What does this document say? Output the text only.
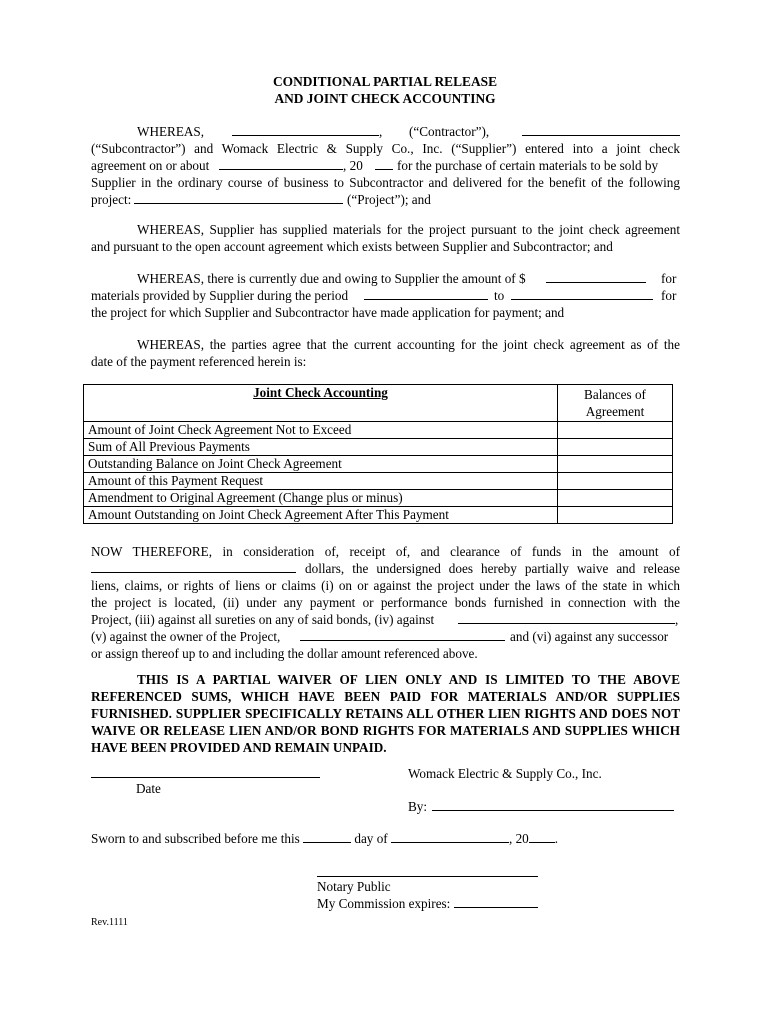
CONDITIONAL PARTIAL RELEASE
AND JOINT CHECK ACCOUNTING
WHEREAS,	, (“Contractor”),
(“Subcontractor”) and Womack Electric & Supply Co., Inc. (“Supplier”) entered into a joint check
agreement on or about	, 20	for the purchase of certain materials to be sold by
Supplier in the ordinary course of business to Subcontractor and delivered for the benefit of the following
project:	(“Project”); and
WHEREAS, Supplier has supplied materials for the project pursuant to the joint check agreement
and pursuant to the open account agreement which exists between Supplier and Subcontractor; and
WHEREAS, there is currently due and owing to Supplier the amount of $	for
materials provided by Supplier during the period	to	for
the project for which Supplier and Subcontractor have made application for payment; and
WHEREAS, the parties agree that the current accounting for the joint check agreement as of the
date of the payment referenced herein is:
Joint Check Accounting	Balances of
Agreement

Amount of Joint Check Agreement Not to Exceed	
Sum of All Previous Payments	
Outstanding Balance on Joint Check Agreement	
Amount of this Payment Request	
Amendment to Original Agreement (Change plus or minus)	
Amount Outstanding on Joint Check Agreement After This Payment	
NOW THEREFORE, in consideration of, receipt of, and clearance of funds in the amount of
dollars, the undersigned does hereby partially waive and release
liens, claims, or rights of liens or claims (i) on or against the project under the laws of the state in which
the project is located, (ii) under any payment or performance bonds furnished in connection with the
Project, (iii) against all sureties on any of said bonds, (iv) against	,
(v) against the owner of the Project,	and (vi) against any successor
or assign thereof up to and including the dollar amount referenced above.
THIS IS A PARTIAL WAIVER OF LIEN ONLY AND IS LIMITED TO THE ABOVE
REFERENCED SUMS, WHICH HAVE BEEN PAID FOR MATERIALS AND/OR SUPPLIES
FURNISHED. SUPPLIER SPECIFICALLY RETAINS ALL OTHER LIEN RIGHTS AND DOES NOT
WAIVE OR RELEASE LIEN AND/OR BOND RIGHTS FOR MATERIALS AND SUPPLIES WHICH
HAVE BEEN PROVIDED AND REMAIN UNPAID.
Date
Womack Electric & Supply Co., Inc.
By:
Sworn to and subscribed before me this	day of	, 20 .
Notary Public
My Commission expires:
Rev.1111
